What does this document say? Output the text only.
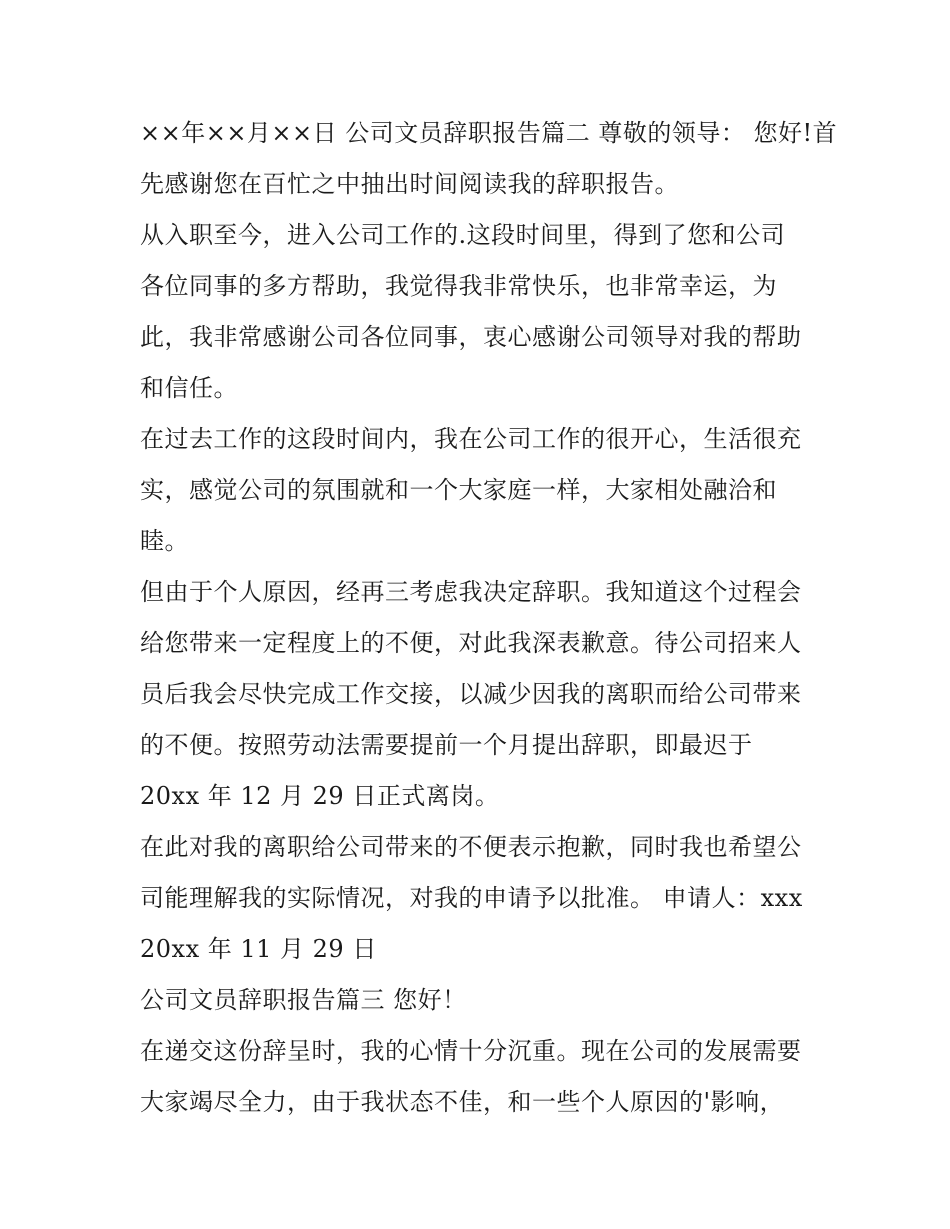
××年××月××日 公司文员辞职报告篇二 尊敬的领导： 您好!首
先感谢您在百忙之中抽出时间阅读我的辞职报告。
从入职至今，进入公司工作的.这段时间里，得到了您和公司
各位同事的多方帮助，我觉得我非常快乐，也非常幸运，为
此，我非常感谢公司各位同事，衷心感谢公司领导对我的帮助
和信任。
在过去工作的这段时间内，我在公司工作的很开心，生活很充
实，感觉公司的氛围就和一个大家庭一样，大家相处融洽和
睦。
但由于个人原因，经再三考虑我决定辞职。我知道这个过程会
给您带来一定程度上的不便，对此我深表歉意。待公司招来人
员后我会尽快完成工作交接，以减少因我的离职而给公司带来
的不便。按照劳动法需要提前一个月提出辞职，即最迟于
20xx 年 12 月 29 日正式离岗。
在此对我的离职给公司带来的不便表示抱歉，同时我也希望公
司能理解我的实际情况，对我的申请予以批准。 申请人：xxx
20xx 年 11 月 29 日
公司文员辞职报告篇三 您好！
在递交这份辞呈时，我的心情十分沉重。现在公司的发展需要
大家竭尽全力，由于我状态不佳，和一些个人原因的'影响，
